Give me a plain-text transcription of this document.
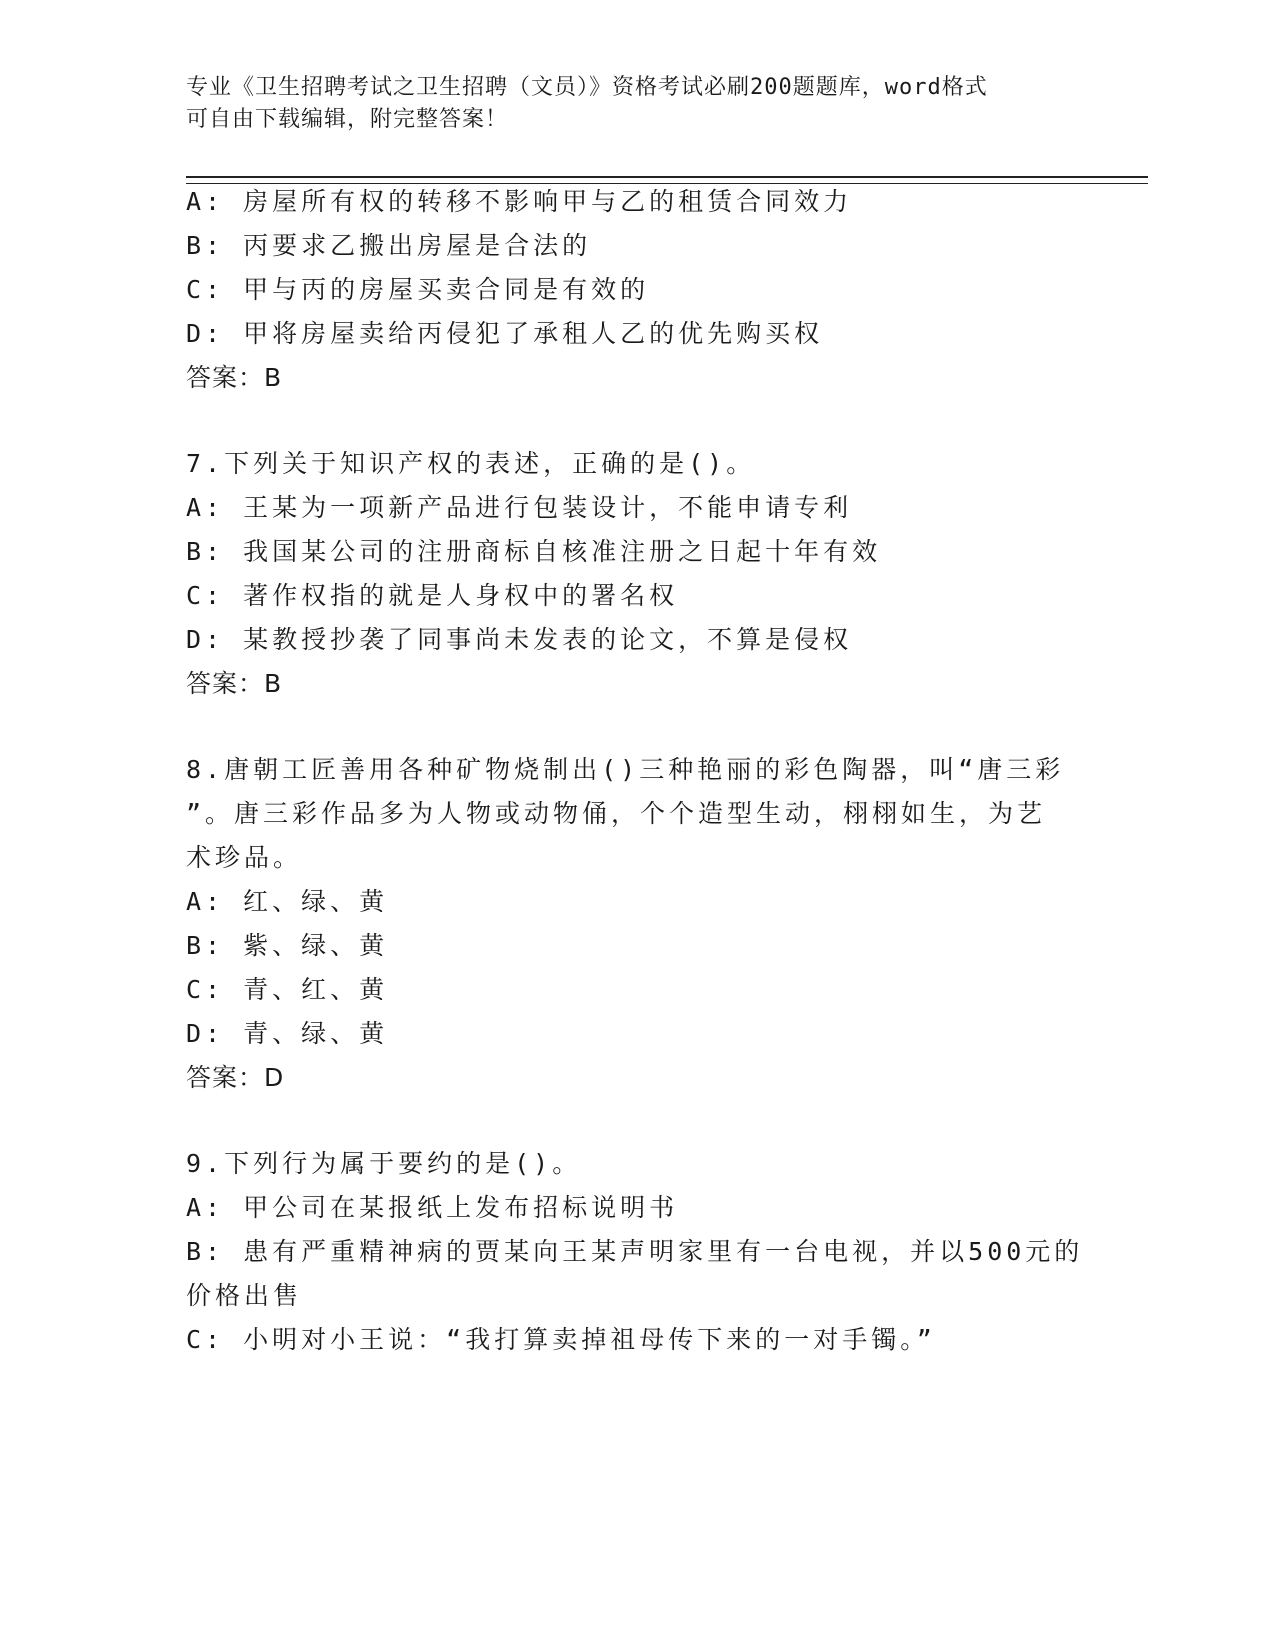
专业《卫生招聘考试之卫生招聘（文员）》资格考试必刷200题题库，word格式
可自由下载编辑，附完整答案！
A: 房屋所有权的转移不影响甲与乙的租赁合同效力
B: 丙要求乙搬出房屋是合法的
C: 甲与丙的房屋买卖合同是有效的
D: 甲将房屋卖给丙侵犯了承租人乙的优先购买权
答案：B
7.下列关于知识产权的表述，正确的是()。
A: 王某为一项新产品进行包装设计，不能申请专利
B: 我国某公司的注册商标自核准注册之日起十年有效
C: 著作权指的就是人身权中的署名权
D: 某教授抄袭了同事尚未发表的论文，不算是侵权
答案：B
8.唐朝工匠善用各种矿物烧制出()三种艳丽的彩色陶器，叫“唐三彩
”。唐三彩作品多为人物或动物俑，个个造型生动，栩栩如生，为艺
术珍品。
A: 红、绿、黄
B: 紫、绿、黄
C: 青、红、黄
D: 青、绿、黄
答案：D
9.下列行为属于要约的是()。
A: 甲公司在某报纸上发布招标说明书
B: 患有严重精神病的贾某向王某声明家里有一台电视，并以500元的
价格出售
C: 小明对小王说：“我打算卖掉祖母传下来的一对手镯。”
